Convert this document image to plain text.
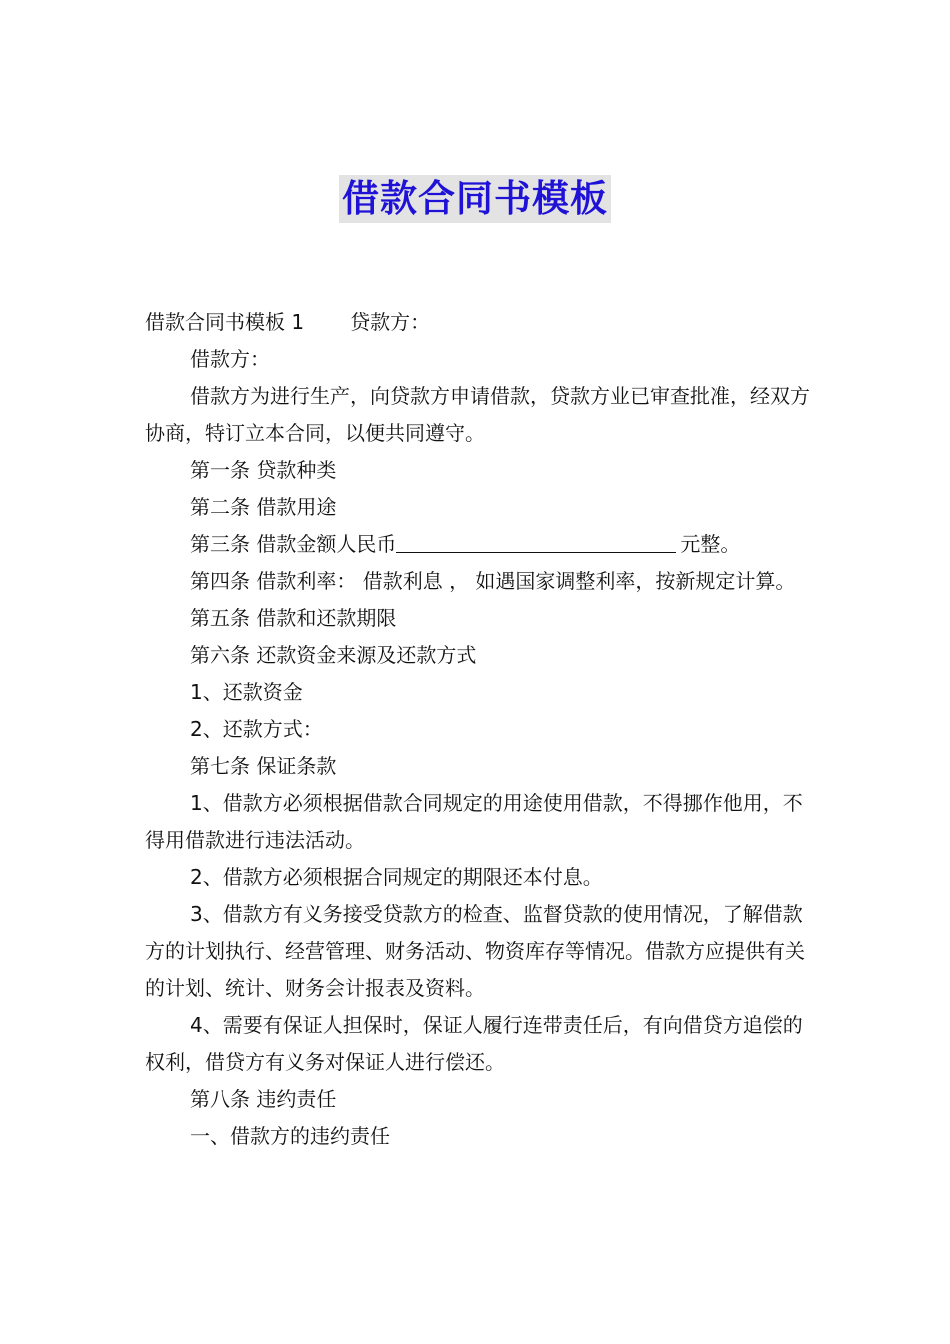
借款合同书模板

借款合同书模板 1 贷款方：

借款方：

借款方为进行生产，向贷款方申请借款，贷款方业已审查批准，经双方协商，特订立本合同，以便共同遵守。

第一条 贷款种类

第二条 借款用途

第三条 借款金额人民币	元整。

第四条 借款利率： 借款利息 ， 如遇国家调整利率，按新规定计算。

第五条 借款和还款期限

第六条 还款资金来源及还款方式

1、还款资金

2、还款方式：

第七条 保证条款

1、借款方必须根据借款合同规定的用途使用借款，不得挪作他用，不得用借款进行违法活动。

2、借款方必须根据合同规定的期限还本付息。

3、借款方有义务接受贷款方的检查、监督贷款的使用情况，了解借款方的计划执行、经营管理、财务活动、物资库存等情况。借款方应提供有关的计划、统计、财务会计报表及资料。

4、需要有保证人担保时，保证人履行连带责任后，有向借贷方追偿的权利，借贷方有义务对保证人进行偿还。

第八条 违约责任

一、借款方的违约责任
